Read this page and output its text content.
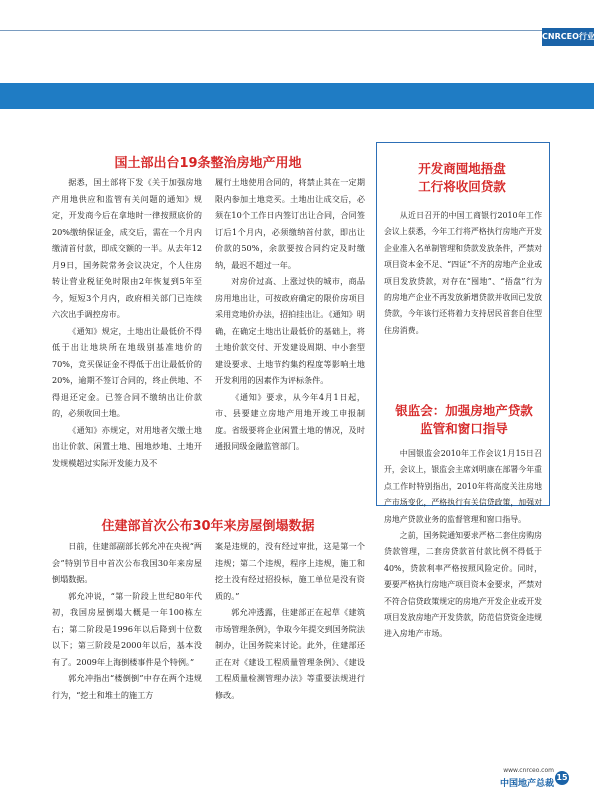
CNRCEO行业资讯
国土部出台19条整治房地产用地

据悉，国土部将下发《关于加强房地产用地供应和监管有关问题的通知》规定，开发商今后在拿地时一律按照底价的20%缴纳保证金，成交后，需在一个月内缴清首付款，即成交额的一半。从去年12月9日，国务院常务会议决定，个人住房转让营业税征免时限由2年恢复到5年至今，短短3个月内，政府相关部门已连续六次出手调控房市。

《通知》规定，土地出让最低价不得低于出让地块所在地级别基准地价的70%，竞买保证金不得低于出让最低价的20%，逾期不签订合同的，终止供地、不得退还定金。已签合同不缴纳出让价款的，必须收回土地。

《通知》亦规定，对用地者欠缴土地出让价款、闲置土地、囤地炒地、土地开发规模超过实际开发能力及不

履行土地使用合同的，将禁止其在一定期限内参加土地竞买。土地出让成交后，必须在10个工作日内签订出让合同，合同签订后1个月内，必须缴纳首付款，即出让价款的50%，余款要按合同约定及时缴纳，最迟不超过一年。

对房价过高、上涨过快的城市，商品房用地出让，可按政府确定的限价房项目采用竞地价办法，招拍挂出让。《通知》明确，在确定土地出让最低价的基础上，将土地价款交付、开发建设周期、中小套型建设要求、土地节约集约程度等影响土地开发利用的因素作为评标条件。

《通知》要求，从今年4月1日起，市、县要建立房地产用地开竣工申报制度。省级要将企业闲置土地的情况，及时通报同级金融监管部门。

住建部首次公布30年来房屋倒塌数据

日前，住建部副部长郭允冲在央视“两会”特别节目中首次公布我国30年来房屋倒塌数据。

郭允冲说，“第一阶段上世纪80年代初，我国房屋倒塌大概是一年100栋左右；第二阶段是1996年以后降到十位数以下；第三阶段是2000年以后，基本没有了。2009年上海倒楼事件是个特例。”

郭允冲指出“楼倒倒”中存在两个违规行为，“挖土和堆土的施工方

案是违规的，没有经过审批，这是第一个违规；第二个违规，程序上违规，施工和挖土没有经过招投标，施工单位是没有资质的。”

郭允冲透露，住建部正在起草《建筑市场管理条例》，争取今年提交到国务院法制办，让国务院来讨论。此外，住建部还正在对《建设工程质量管理条例》、《建设工程质量检测管理办法》等重要法规进行修改。

开发商囤地捂盘
工行将收回贷款

从近日召开的中国工商银行2010年工作会议上获悉，今年工行将严格执行房地产开发企业准入名单制管理和贷款发放条件，严禁对项目资本金不足、“四证”不齐的房地产企业或项目发放贷款，对存在“囤地”、“捂盘”行为的房地产企业不再发放新增贷款并收回已发放贷款，今年该行还将着力支持居民首套自住型住房消费。

银监会：加强房地产贷款
监管和窗口指导

中国银监会2010年工作会议1月15日召开，会议上，银监会主席刘明康在部署今年重点工作时特别指出，2010年将高度关注房地产市场变化，严格执行有关信贷政策，加强对房地产贷款业务的监督管理和窗口指导。

之前，国务院通知要求严格二套住房购房贷款管理，二套房贷款首付款比例不得低于40%，贷款利率严格按照风险定价。同时，要要严格执行房地产项目资本金要求，严禁对不符合信贷政策规定的房地产开发企业或开发项目发放房地产开发贷款，防范信贷资金违规进入房地产市场。

www.cnrceo.com
中国地产总裁
15
